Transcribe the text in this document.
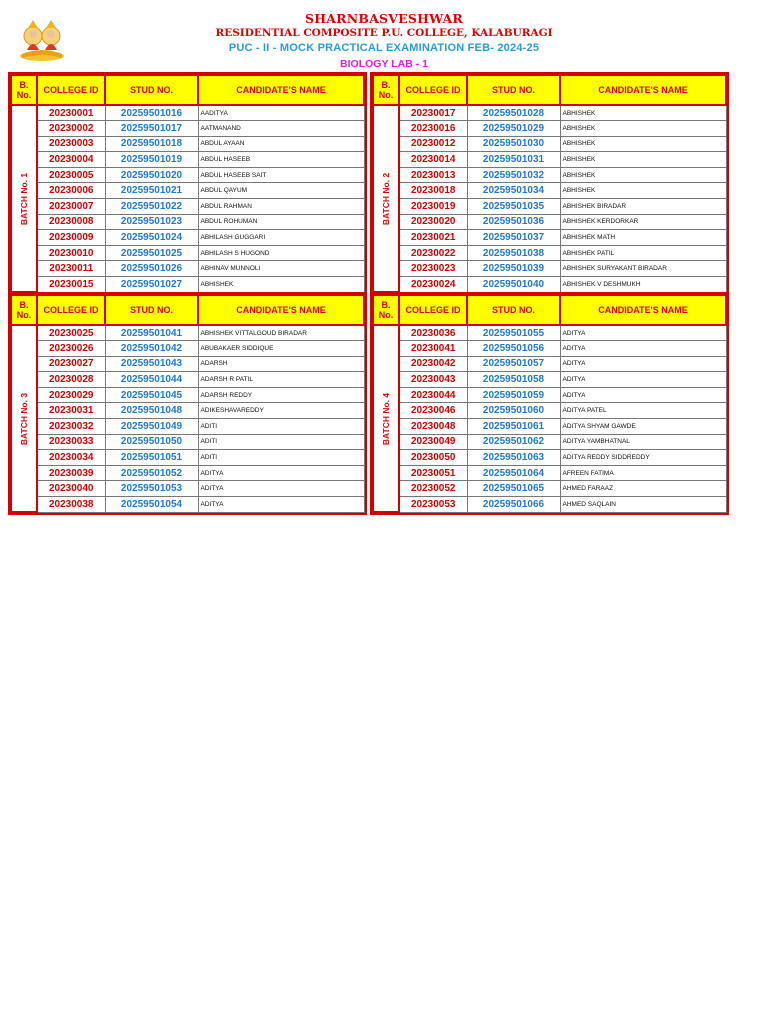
SHARNBASVESHWAR
RESIDENTIAL COMPOSITE P.U. COLLEGE, KALABURAGI
PUC - II - MOCK PRACTICAL EXAMINATION FEB- 2024-25
BIOLOGY LAB - 1
B. No.	COLLEGE ID	STUD NO.	CANDIDATE'S NAME

BATCH No. 1	20230001	20259501016	AADITYA
	20230002	20259501017	AATMANAND
	20230003	20259501018	ABDUL AYAAN
	20230004	20259501019	ABDUL HASEEB
	20230005	20259501020	ABDUL HASEEB SAIT
	20230006	20259501021	ABDUL QAYUM
	20230007	20259501022	ABDUL RAHMAN
	20230008	20259501023	ABDUL ROHUMAN
	20230009	20259501024	ABHILASH GUGGARI
	20230010	20259501025	ABHILASH S HUGOND
	20230011	20259501026	ABHINAV MUNNOLI
	20230015	20259501027	ABHISHEK
B. No.	COLLEGE ID	STUD NO.	CANDIDATE'S NAME

BATCH No. 2	20230017	20259501028	ABHISHEK
	20230016	20259501029	ABHISHEK
	20230012	20259501030	ABHISHEK
	20230014	20259501031	ABHISHEK
	20230013	20259501032	ABHISHEK
	20230018	20259501034	ABHISHEK
	20230019	20259501035	ABHISHEK BIRADAR
	20230020	20259501036	ABHISHEK KERDORKAR
	20230021	20259501037	ABHISHEK MATH
	20230022	20259501038	ABHISHEK PATIL
	20230023	20259501039	ABHISHEK SURYAKANT BIRADAR
	20230024	20259501040	ABHISHEK V DESHMUKH
B. No.	COLLEGE ID	STUD NO.	CANDIDATE'S NAME

BATCH No. 3	20230025	20259501041	ABHISHEK VITTALGOUD BIRADAR
	20230026	20259501042	ABUBAKAER SIDDIQUE
	20230027	20259501043	ADARSH
	20230028	20259501044	ADARSH R PATIL
	20230029	20259501045	ADARSH REDDY
	20230031	20259501048	ADIKESHAVAREDDY
	20230032	20259501049	ADITI
	20230033	20259501050	ADITI
	20230034	20259501051	ADITI
	20230039	20259501052	ADITYA
	20230040	20259501053	ADITYA
	20230038	20259501054	ADITYA
B. No.	COLLEGE ID	STUD NO.	CANDIDATE'S NAME

BATCH No. 4	20230036	20259501055	ADITYA
	20230041	20259501056	ADITYA
	20230042	20259501057	ADITYA
	20230043	20259501058	ADITYA
	20230044	20259501059	ADITYA
	20230046	20259501060	ADITYA PATEL
	20230048	20259501061	ADITYA SHYAM GAWDE
	20230049	20259501062	ADITYA YAMBHATNAL
	20230050	20259501063	ADITYA REDDY SIDDREDDY
	20230051	20259501064	AFREEN FATIMA
	20230052	20259501065	AHMED FARAAZ
	20230053	20259501066	AHMED SAQLAIN
